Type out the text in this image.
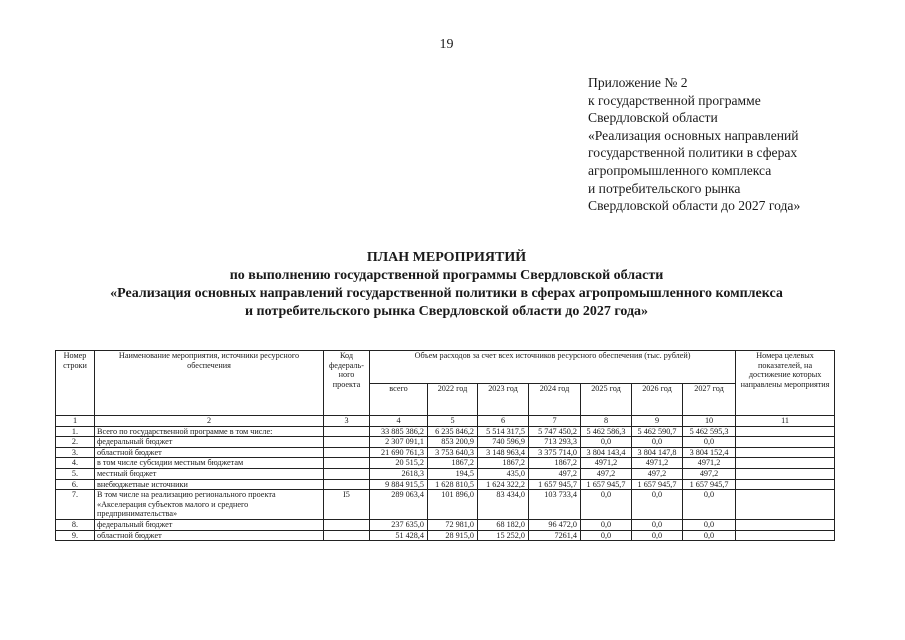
19
Приложение № 2
к государственной программе
Свердловской области
«Реализация основных направлений
государственной политики в сферах
агропромышленного комплекса
и потребительского рынка
Свердловской области до 2027 года»
ПЛАН МЕРОПРИЯТИЙ
по выполнению государственной программы Свердловской области
«Реализация основных направлений государственной политики в сферах агропромышленного комплекса
и потребительского рынка Свердловской области до 2027 года»
Номер строки	Наименование мероприятия, источники ресурсного обеспечения	Код федераль-ного проекта	Объем расходов за счет всех источников ресурсного обеспечения (тыс. рублей)							Номера целевых показателей, на достижение которых направлены мероприятия
			всего	2022 год	2023 год	2024 год	2025 год	2026 год	2027 год	
1	2	3	4	5	6	7	8	9	10	11
1.	Всего по государственной программе в том числе:		33 885 386,2	6 235 846,2	5 514 317,5	5 747 450,2	5 462 586,3	5 462 590,7	5 462 595,3	
2.	федеральный бюджет		2 307 091,1	853 200,9	740 596,9	713 293,3	0,0	0,0	0,0	
3.	областной бюджет		21 690 761,3	3 753 640,3	3 148 963,4	3 375 714,0	3 804 143,4	3 804 147,8	3 804 152,4	
4.	в том числе субсидии местным бюджетам		20 515,2	1867,2	1867,2	1867,2	4971,2	4971,2	4971,2	
5.	местный бюджет		2618,3	194,5	435,0	497,2	497,2	497,2	497,2	
6.	внебюджетные источники		9 884 915,5	1 628 810,5	1 624 322,2	1 657 945,7	1 657 945,7	1 657 945,7	1 657 945,7	
7.	В том числе на реализацию регионального проекта «Акселерация субъектов малого и среднего предпринимательства»	I5	289 063,4	101 896,0	83 434,0	103 733,4	0,0	0,0	0,0	
8.	федеральный бюджет		237 635,0	72 981,0	68 182,0	96 472,0	0,0	0,0	0,0	
9.	областной бюджет		51 428,4	28 915,0	15 252,0	7261,4	0,0	0,0	0,0	
